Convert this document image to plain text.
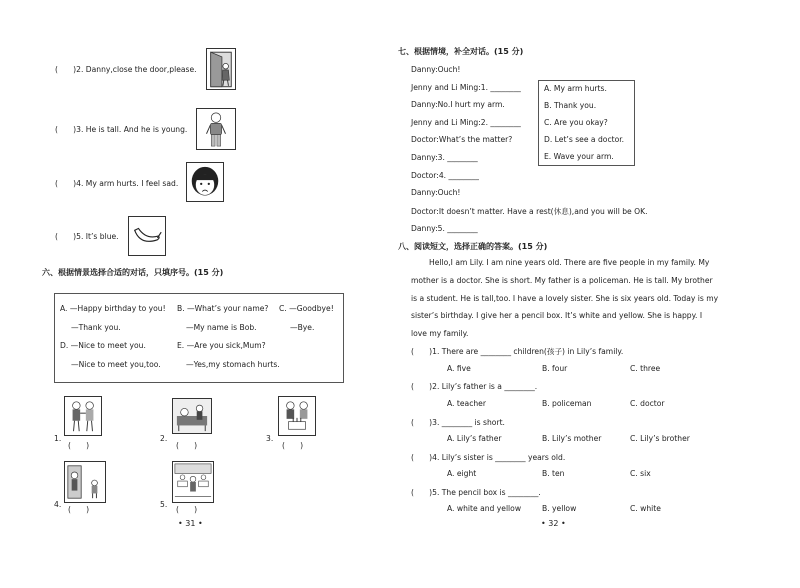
(　　)2. Danny,close the door,please.
(　　)3. He is tall. And he is young.
(　　)4. My arm hurts. I feel sad.
(　　)5. It’s blue.
六、根据情景选择合适的对话，只填序号。(15 分)
A. —Happy birthday to you! B. —What’s your name? C. —Goodbye!
—Thank you.	—My name is Bob.	—Bye.
D. —Nice to meet you.	E. —Are you sick,Mum?
—Nice to meet you,too.	—Yes,my stomach hurts.
1.
(　　)
2.
(　　)
3.
(　　)
4.
(　　)
5.
(　　)
• 31 •
七、根据情境，补全对话。(15 分)
Danny:Ouch!
Jenny and Li Ming:1. ________
Danny:No.I hurt my arm.
Jenny and Li Ming:2. ________
Doctor:What’s the matter?
Danny:3. ________
Doctor:4. ________
Danny:Ouch!
Doctor:It doesn’t matter. Have a rest(休息),and you will be OK.
Danny:5. ________
A. My arm hurts.
B. Thank you.
C. Are you okay?
D. Let’s see a doctor.
E. Wave your arm.
八、阅读短文，选择正确的答案。(15 分)
Hello,I am Lily. I am nine years old. There are five people in my family. My
mother is a doctor. She is short. My father is a policeman. He is tall. My brother
is a student. He is tall,too. I have a lovely sister. She is six years old. Today is my
sister’s birthday. I give her a pencil box. It’s white and yellow. She is happy. I
love my family.
(　　)1. There are ________ children(孩子) in Lily’s family.
A. five	B. four	C. three
(　　)2. Lily’s father is a ________.
A. teacher	B. policeman	C. doctor
(　　)3. ________ is short.
A. Lily’s father	B. Lily’s mother	C. Lily’s brother
(　　)4. Lily’s sister is ________ years old.
A. eight	B. ten	C. six
(　　)5. The pencil box is ________.
A. white and yellow	B. yellow	C. white
• 32 •
